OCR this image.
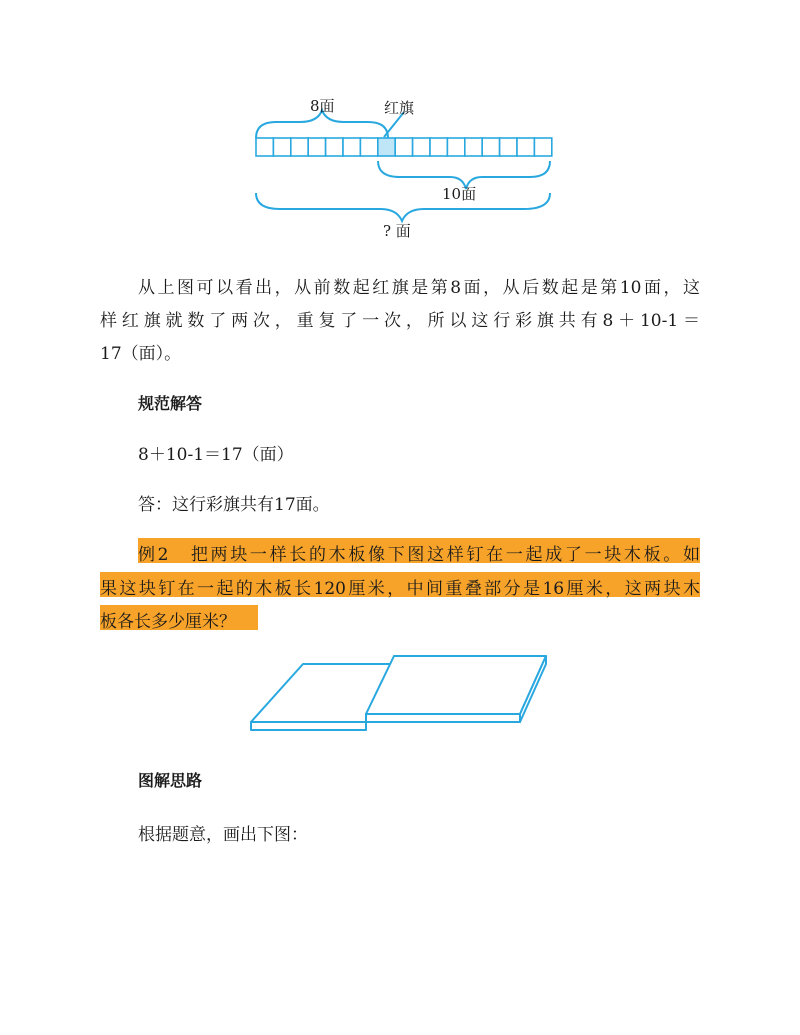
8面	红旗
10面
? 面
从上图可以看出，从前数起红旗是第8面，从后数起是第10面，这
样红旗就数了两次，重复了一次，所以这行彩旗共有8＋10-1＝
17（面）。
规范解答
8＋10-1＝17（面）
答：这行彩旗共有17面。
例2　把两块一样长的木板像下图这样钉在一起成了一块木板。如
果这块钉在一起的木板长120厘米，中间重叠部分是16厘米，这两块木
板各长多少厘米？
图解思路
根据题意，画出下图：
